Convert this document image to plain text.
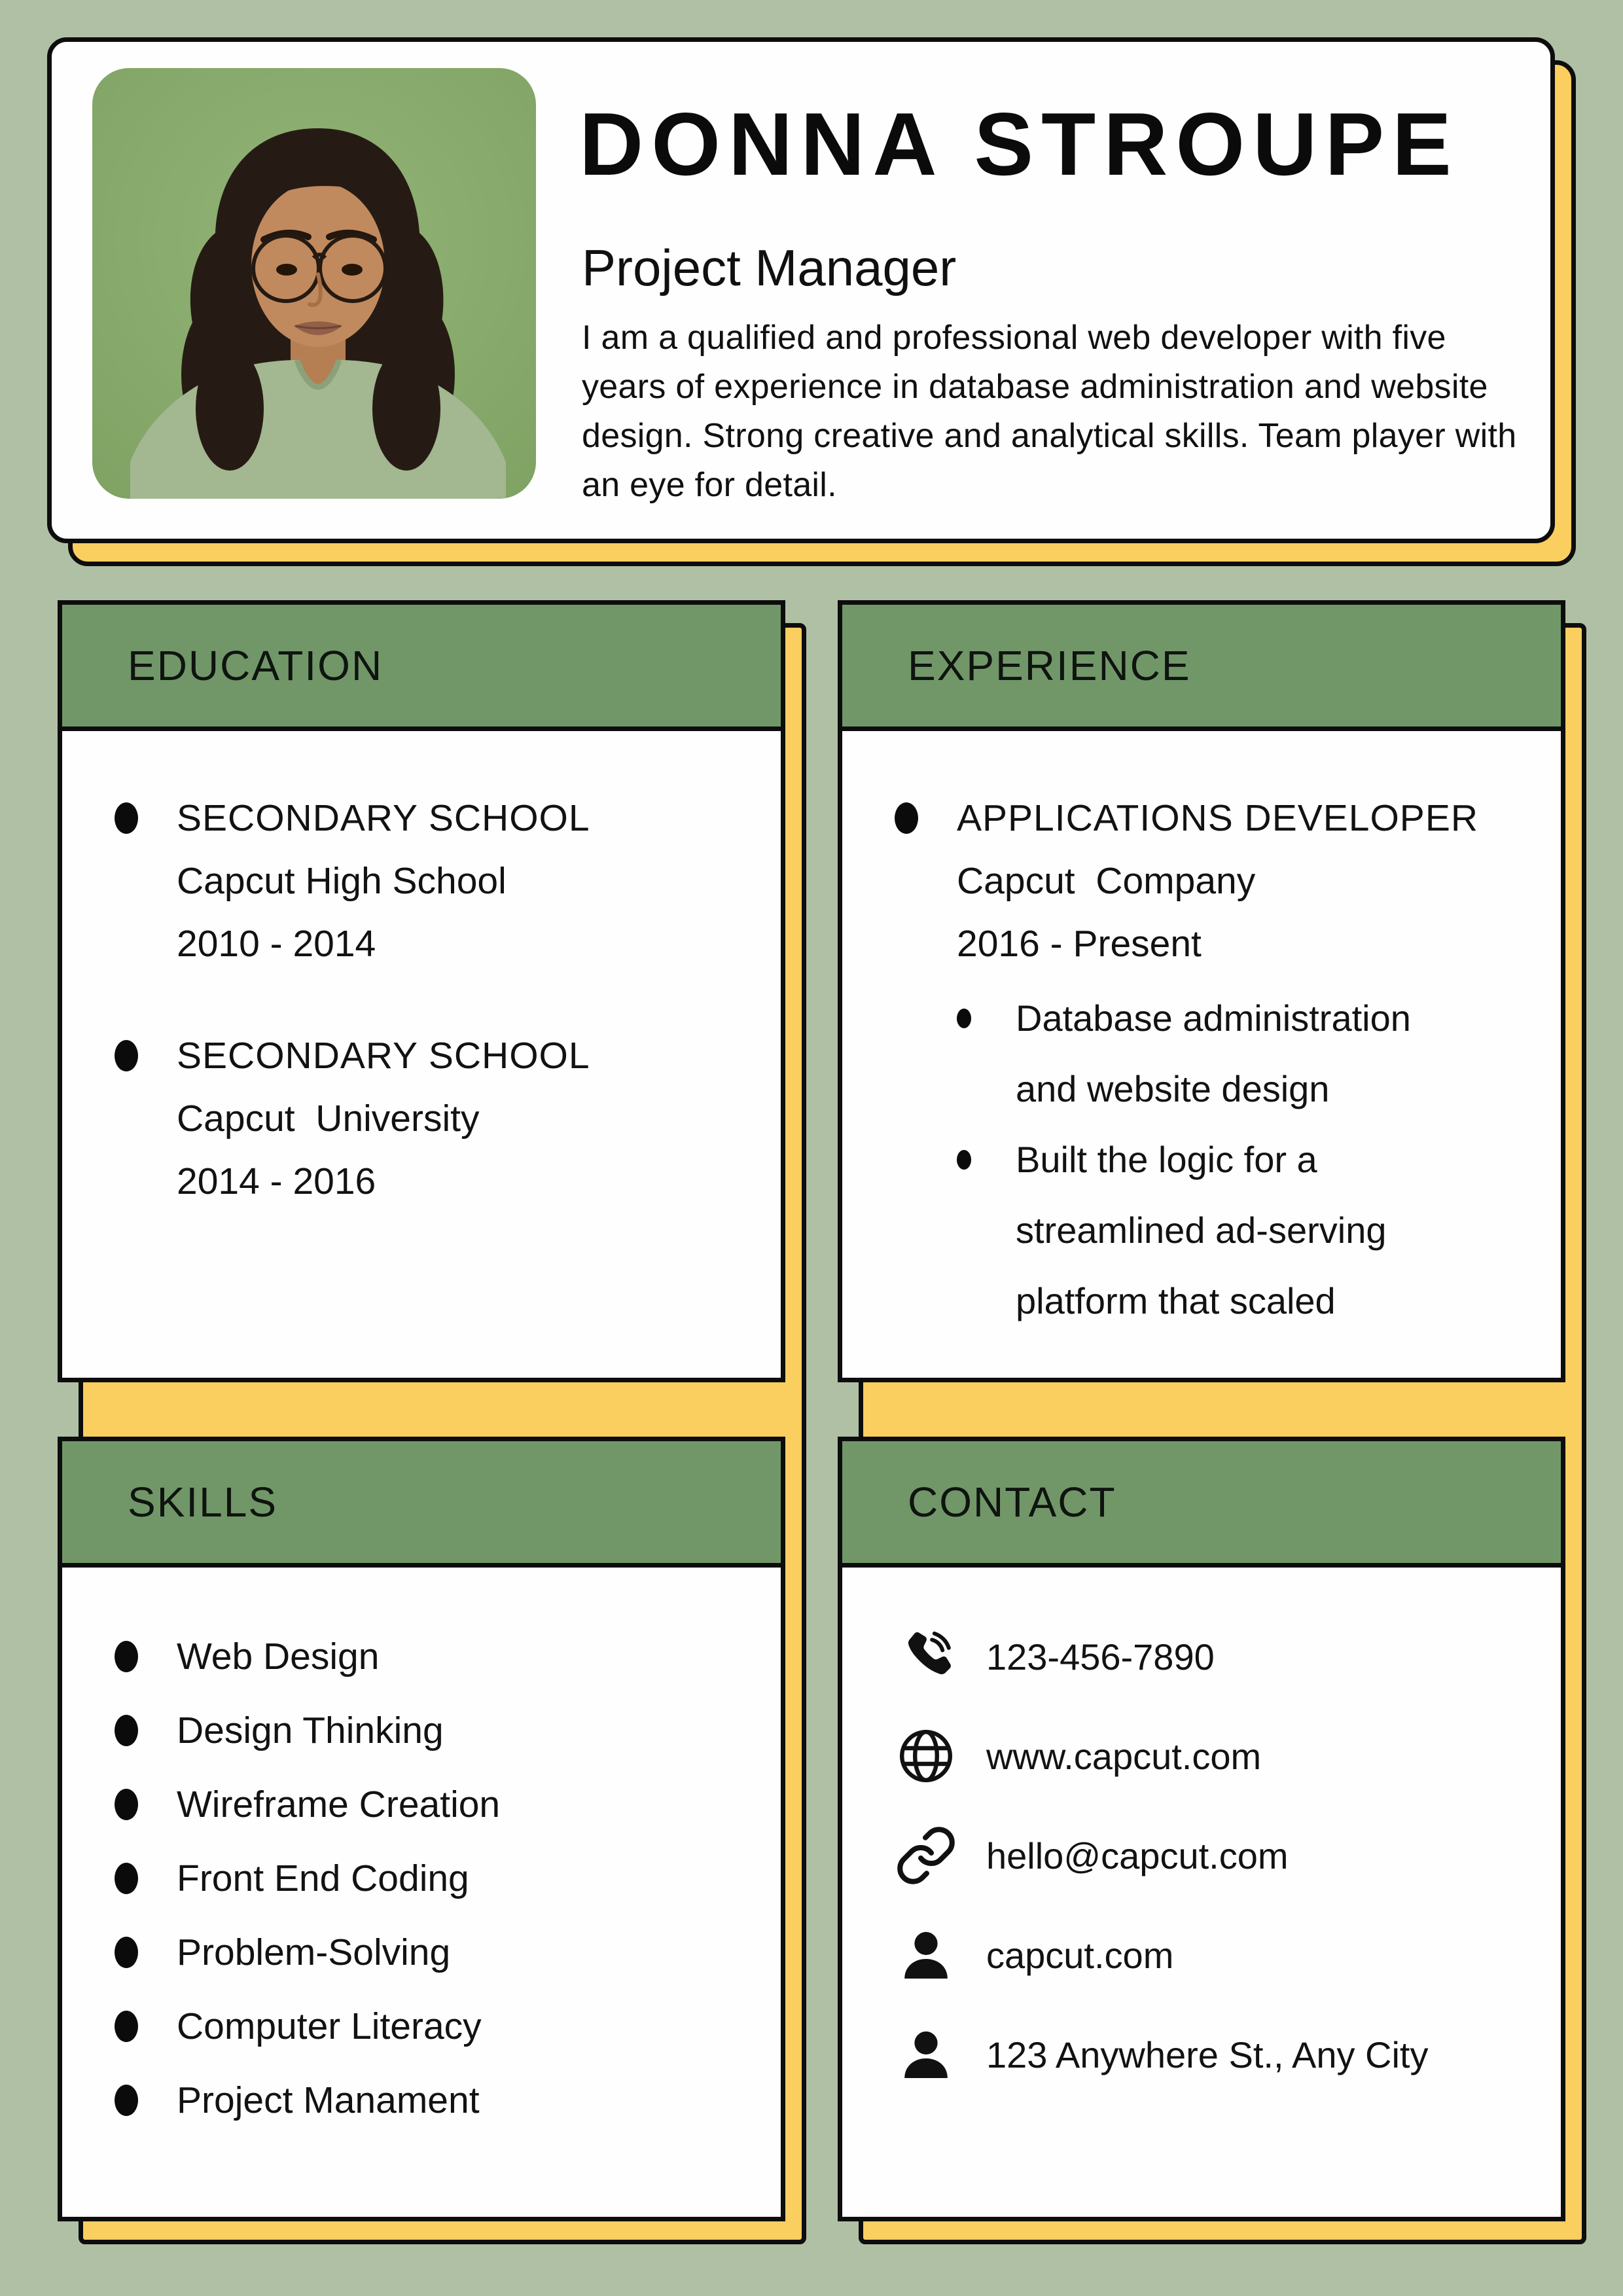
DONNA STROUPE
Project Manager

I am a qualified and professional web developer with five years of experience in database administration and website design. Strong creative and analytical skills. Team player with an eye for detail.

EDUCATION
SECONDARY SCHOOL
Capcut High School
2010 - 2014
SECONDARY SCHOOL
Capcut  University
2014 - 2016
EXPERIENCE
APPLICATIONS DEVELOPER
Capcut  Company
2016 - Present
Database administration and website design
Built the logic for a streamlined ad-serving platform that scaled
SKILLS
Web Design
Design Thinking
Wireframe Creation
Front End Coding
Problem-Solving
Computer Literacy
Project Manament
CONTACT
123-456-7890
www.capcut.com
hello@capcut.com
capcut.com
123 Anywhere St., Any City
